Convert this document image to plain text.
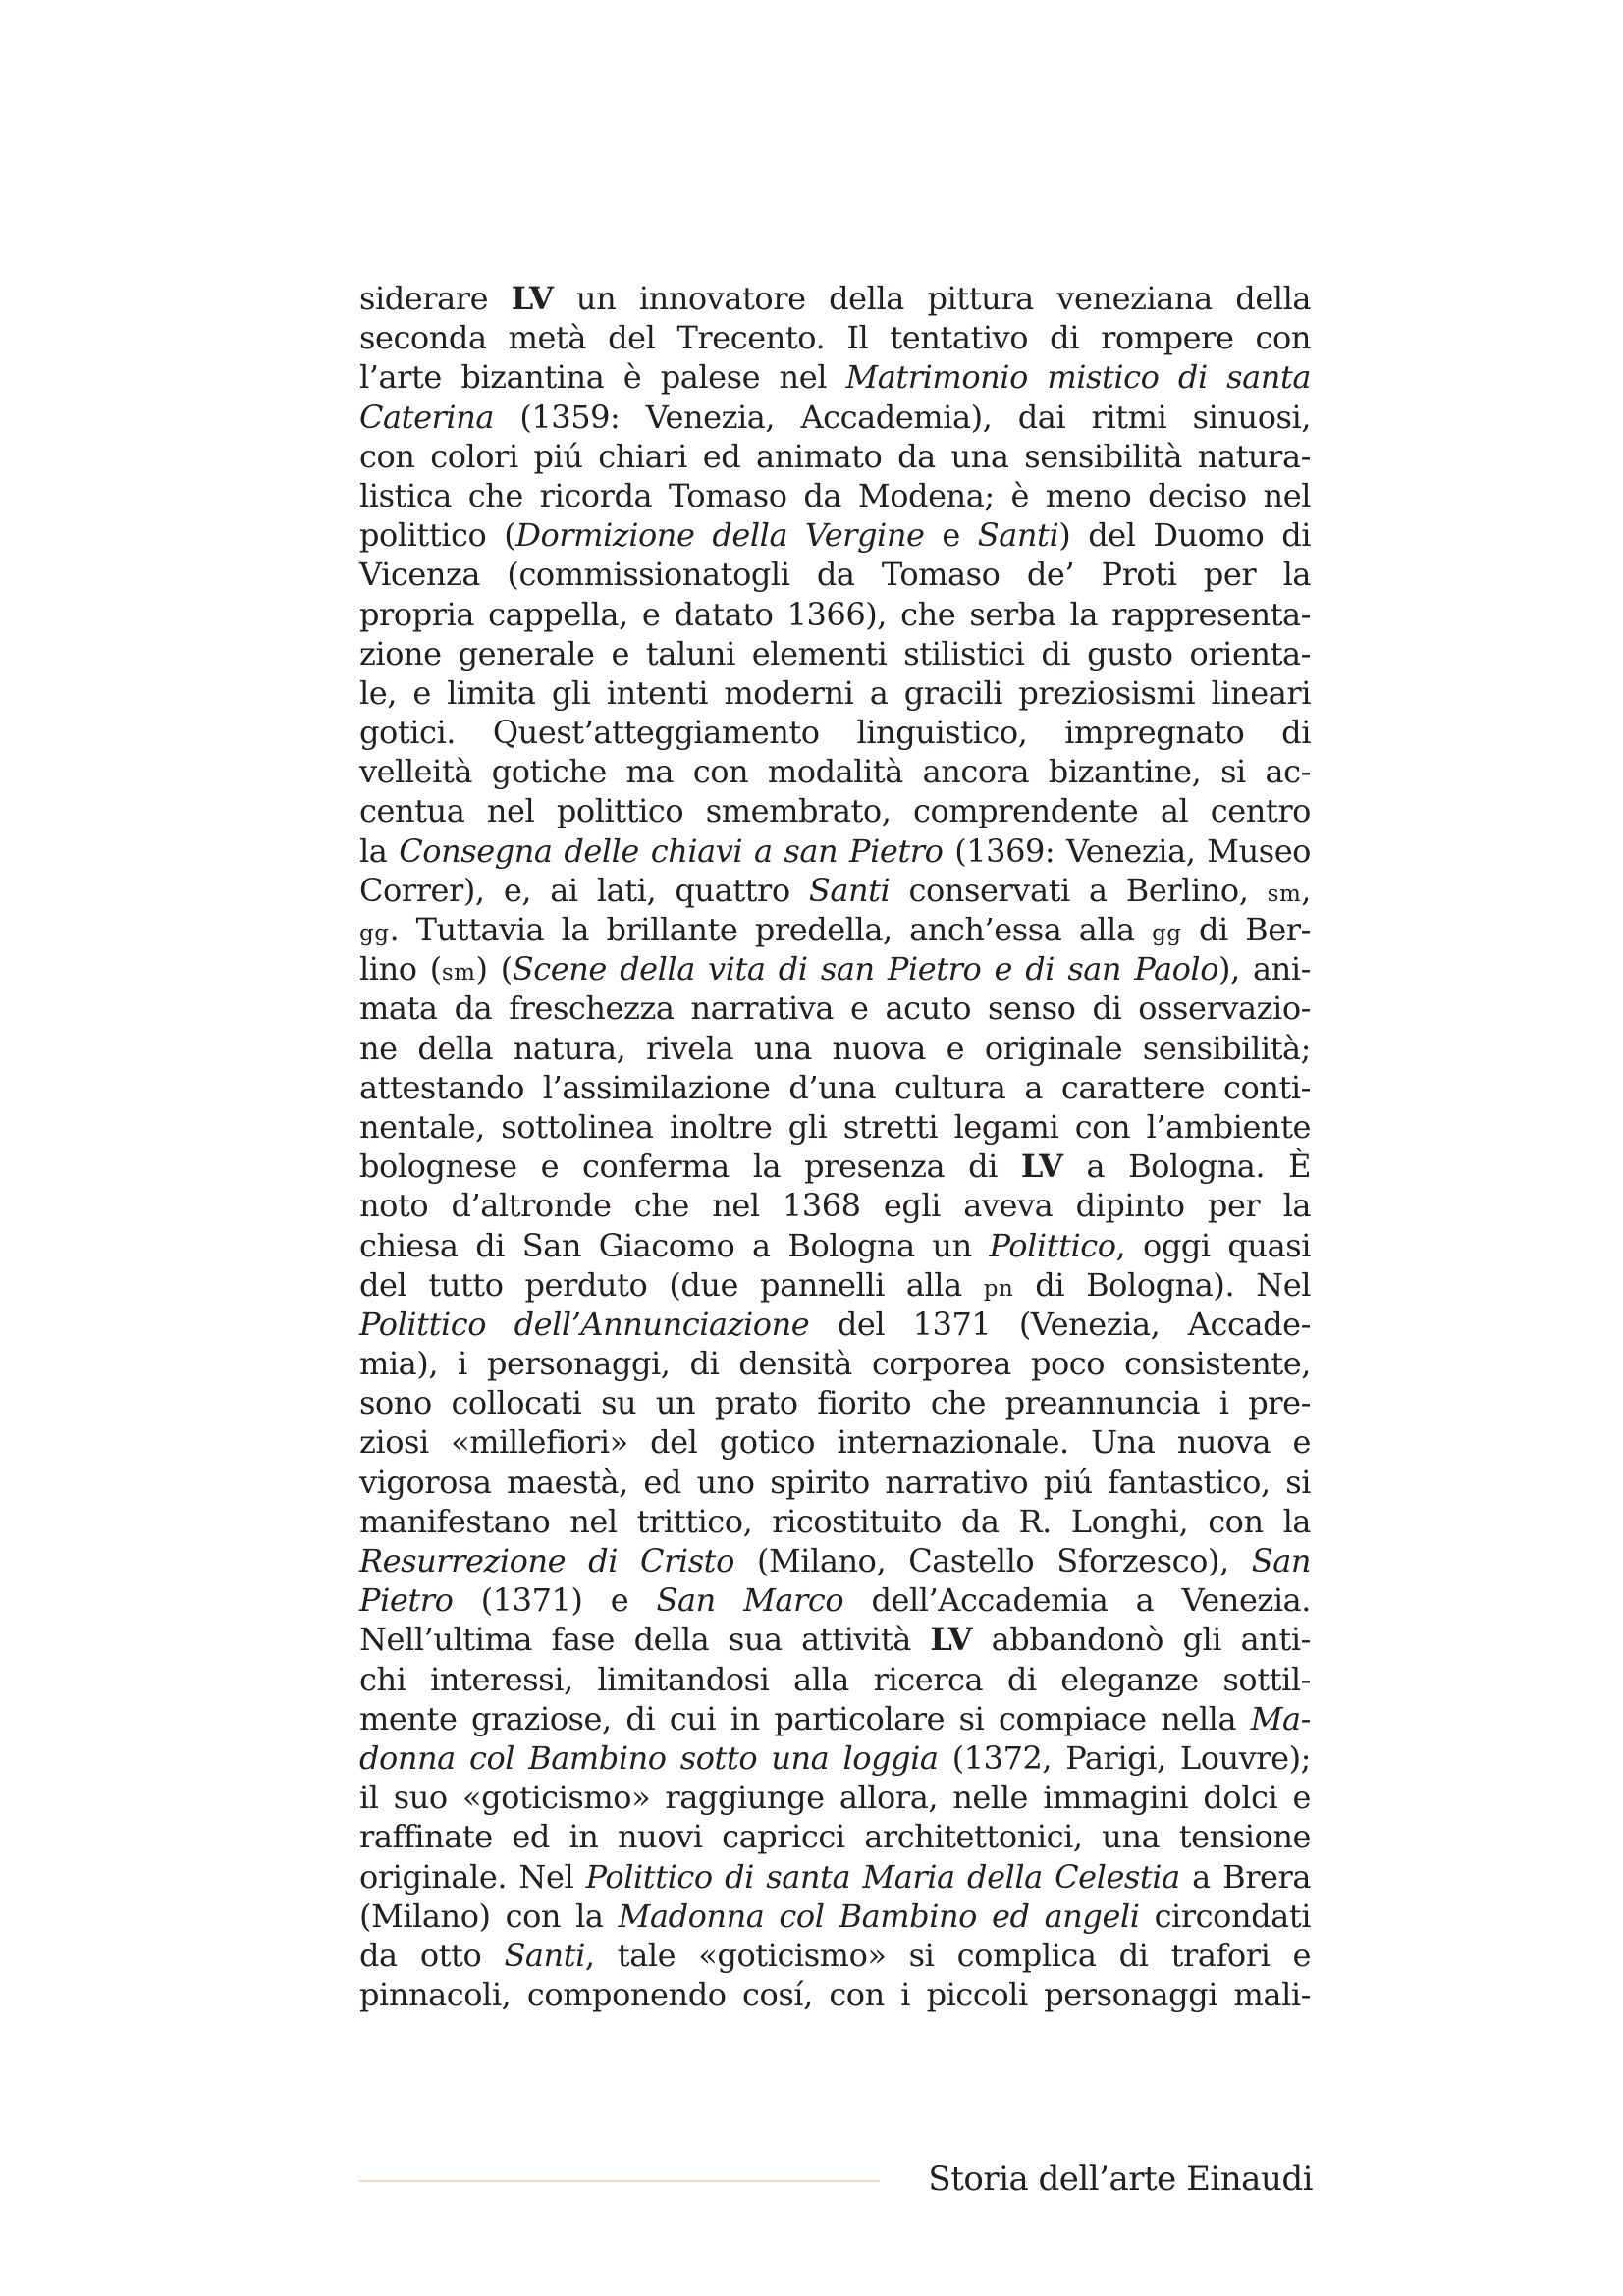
siderare LV un innovatore della pittura veneziana della
seconda metà del Trecento. Il tentativo di rompere con
l’arte bizantina è palese nel Matrimonio mistico di santa
Caterina (1359: Venezia, Accademia), dai ritmi sinuosi,
con colori piú chiari ed animato da una sensibilità natura-
listica che ricorda Tomaso da Modena; è meno deciso nel
polittico (Dormizione della Vergine e Santi) del Duomo di
Vicenza (commissionatogli da Tomaso de’ Proti per la
propria cappella, e datato 1366), che serba la rappresenta-
zione generale e taluni elementi stilistici di gusto orienta-
le, e limita gli intenti moderni a gracili preziosismi lineari
gotici. Quest’atteggiamento linguistico, impregnato di
velleità gotiche ma con modalità ancora bizantine, si ac-
centua nel polittico smembrato, comprendente al centro
la Consegna delle chiavi a san Pietro (1369: Venezia, Museo
Correr), e, ai lati, quattro Santi conservati a Berlino, sm,
gg. Tuttavia la brillante predella, anch’essa alla gg di Ber-
lino (sm) (Scene della vita di san Pietro e di san Paolo), ani-
mata da freschezza narrativa e acuto senso di osservazio-
ne della natura, rivela una nuova e originale sensibilità;
attestando l’assimilazione d’una cultura a carattere conti-
nentale, sottolinea inoltre gli stretti legami con l’ambiente
bolognese e conferma la presenza di LV a Bologna. È
noto d’altronde che nel 1368 egli aveva dipinto per la
chiesa di San Giacomo a Bologna un Polittico, oggi quasi
del tutto perduto (due pannelli alla pn di Bologna). Nel
Polittico dell’Annunciazione del 1371 (Venezia, Accade-
mia), i personaggi, di densità corporea poco consistente,
sono collocati su un prato fiorito che preannuncia i pre-
ziosi «millefiori» del gotico internazionale. Una nuova e
vigorosa maestà, ed uno spirito narrativo piú fantastico, si
manifestano nel trittico, ricostituito da R. Longhi, con la
Resurrezione di Cristo (Milano, Castello Sforzesco), San
Pietro (1371) e San Marco dell’Accademia a Venezia.
Nell’ultima fase della sua attività LV abbandonò gli anti-
chi interessi, limitandosi alla ricerca di eleganze sottil-
mente graziose, di cui in particolare si compiace nella Ma-
donna col Bambino sotto una loggia (1372, Parigi, Louvre);
il suo «goticismo» raggiunge allora, nelle immagini dolci e
raffinate ed in nuovi capricci architettonici, una tensione
originale. Nel Polittico di santa Maria della Celestia a Brera
(Milano) con la Madonna col Bambino ed angeli circondati
da otto Santi, tale «goticismo» si complica di trafori e
pinnacoli, componendo cosí, con i piccoli personaggi mali-
Storia dell’arte Einaudi
